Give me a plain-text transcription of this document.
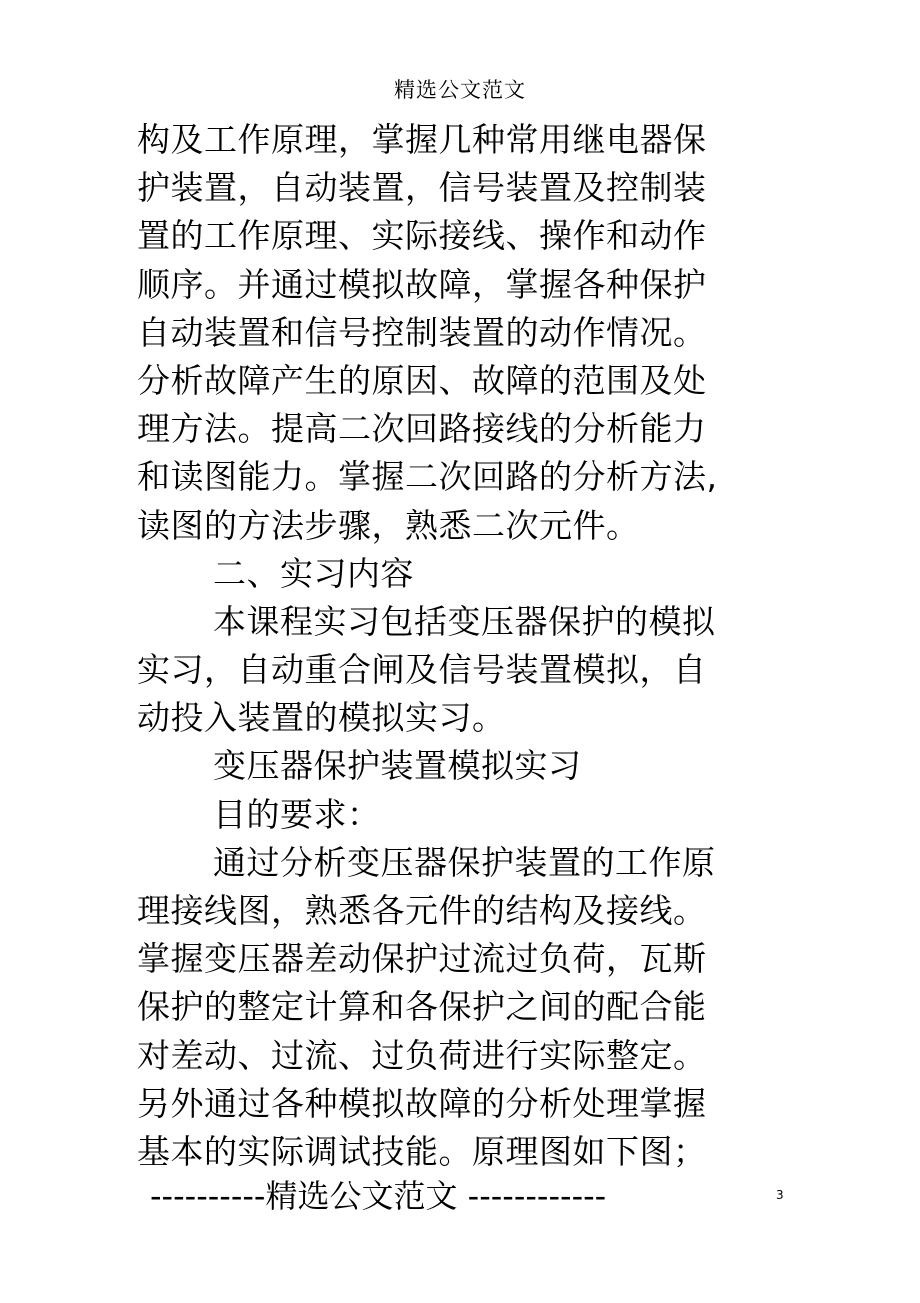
精选公文范文
构及工作原理，掌握几种常用继电器保
护装置，自动装置，信号装置及控制装
置的工作原理、实际接线、操作和动作
顺序。并通过模拟故障，掌握各种保护
自动装置和信号控制装置的动作情况。
分析故障产生的原因、故障的范围及处
理方法。提高二次回路接线的分析能力
和读图能力。掌握二次回路的分析方法,
读图的方法步骤，熟悉二次元件。
二、实习内容
本课程实习包括变压器保护的模拟
实习，自动重合闸及信号装置模拟，自
动投入装置的模拟实习。
变压器保护装置模拟实习
目的要求：
通过分析变压器保护装置的工作原
理接线图，熟悉各元件的结构及接线。
掌握变压器差动保护过流过负荷，瓦斯
保护的整定计算和各保护之间的配合能
对差动、过流、过负荷进行实际整定。
另外通过各种模拟故障的分析处理掌握
基本的实际调试技能。原理图如下图；
----------精选公文范文 ------------	3
